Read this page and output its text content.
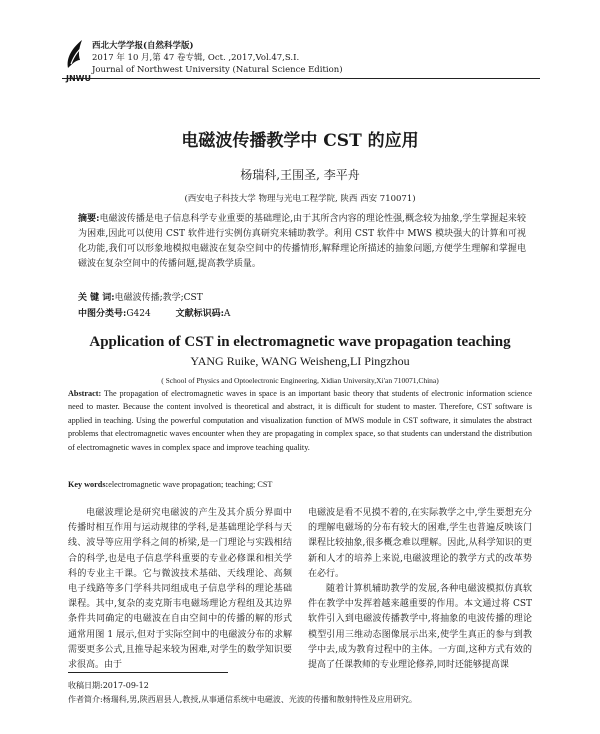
西北大学学报(自然科学版)
2017 年 10 月,第 47 卷专辑, Oct. ,2017,Vol.47,S.I.
Journal of Northwest University (Natural Science Edition)
电磁波传播教学中 CST 的应用
杨瑞科,王围圣, 李平舟
(西安电子科技大学 物理与光电工程学院, 陕西 西安 710071)
摘要:电磁波传播是电子信息科学专业重要的基础理论,由于其所含内容的理论性强,概念较为抽象,学生掌握起来较为困难,因此可以使用 CST 软件进行实例仿真研究来辅助教学。利用 CST 软件中 MWS 模块强大的计算和可视化功能,我们可以形象地模拟电磁波在复杂空间中的传播情形,解释理论所描述的抽象问题,方便学生理解和掌握电磁波在复杂空间中的传播问题,提高教学质量。
关 键 词:电磁波传播;教学;CST
中图分类号:G424	文献标识码:A
Application of CST in electromagnetic wave propagation teaching
YANG Ruike, WANG Weisheng,LI Pingzhou
( School of Physics and Optoelectronic Engineering, Xidian University,Xi'an 710071,China)
Abstract: The propagation of electromagnetic waves in space is an important basic theory that students of electronic information science need to master. Because the content involved is theoretical and abstract, it is difficult for student to master. Therefore, CST software is applied in teaching. Using the powerful computation and visualization function of MWS module in CST software, it simulates the abstract problems that electromagnetic waves encounter when they are propagating in complex space, so that students can understand the distribution of electromagnetic waves in complex space and improve teaching quality.
Key words:electromagnetic wave propagation; teaching; CST

电磁波理论是研究电磁波的产生及其介质分界面中传播时相互作用与运动规律的学科,是基础理论学科与天线、波导等应用学科之间的桥梁,是一门理论与实践相结合的科学,也是电子信息学科重要的专业必修课和相关学科的专业主干课。它与微波技术基础、天线理论、高频电子线路等多门学科共同组成电子信息学科的理论基础课程。其中,复杂的麦克斯韦电磁场理论方程组及其边界条件共同确定的电磁波在自由空间中的传播的解的形式通常用图 1 展示,但对于实际空间中的电磁波分布的求解需要更多公式,且推导起来较为困难,对学生的数学知识要求很高。由于

电磁波是看不见摸不着的,在实际教学之中,学生要想充分的理解电磁场的分布有较大的困难,学生也普遍反映该门课程比较抽象,很多概念难以理解。因此,从科学知识的更新和人才的培养上来说,电磁波理论的教学方式的改革势在必行。

随着计算机辅助教学的发展,各种电磁波模拟仿真软件在教学中发挥着越来越重要的作用。本文通过将 CST 软件引入到电磁波传播教学中,将抽象的电波传播的理论模型引用三维动态图像展示出来,使学生真正的参与到教学中去,成为教育过程中的主体。一方面,这种方式有效的提高了任课教师的专业理论修养,同时还能够提高课

收稿日期:2017-09-12
作者简介:杨瑞科,男,陕西眉县人,教授,从事通信系统中电磁波、光波的传播和散射特性及应用研究。
